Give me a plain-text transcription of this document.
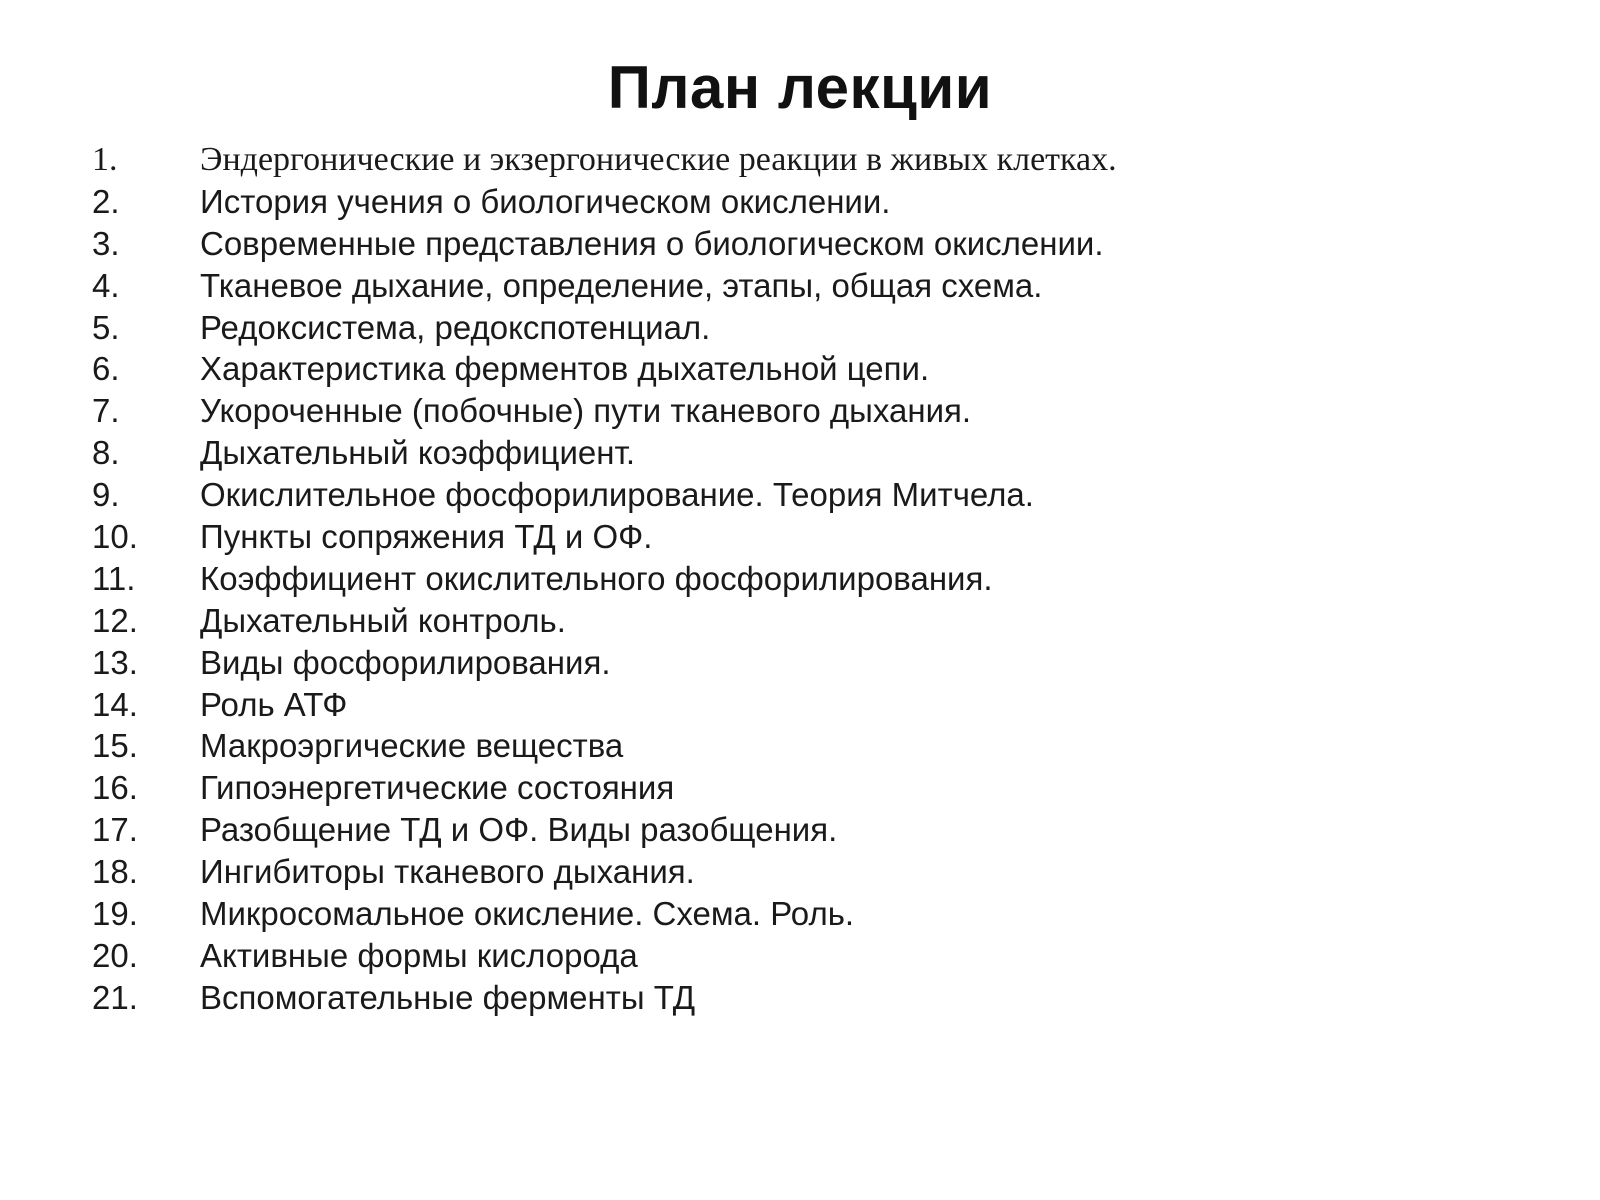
План лекции
1.	Эндергонические и экзергонические реакции в живых клетках.
2.	История учения о биологическом окислении.
3.	Современные представления о биологическом окислении.
4.	Тканевое дыхание, определение, этапы, общая схема.
5.	Редоксистема, редокспотенциал.
6.	Характеристика ферментов дыхательной цепи.
7.	Укороченные (побочные) пути тканевого дыхания.
8.	Дыхательный коэффициент.
9.	Окислительное фосфорилирование. Теория Митчела.
10.	Пункты сопряжения ТД и ОФ.
11.	Коэффициент окислительного фосфорилирования.
12.	Дыхательный контроль.
13.	Виды фосфорилирования.
14.	Роль АТФ
15.	Макроэргические вещества
16.	Гипоэнергетические состояния
17.	Разобщение ТД и ОФ. Виды разобщения.
18.	Ингибиторы тканевого дыхания.
19.	Микросомальное окисление. Схема. Роль.
20.	Активные формы кислорода
21.	Вспомогательные ферменты ТД
